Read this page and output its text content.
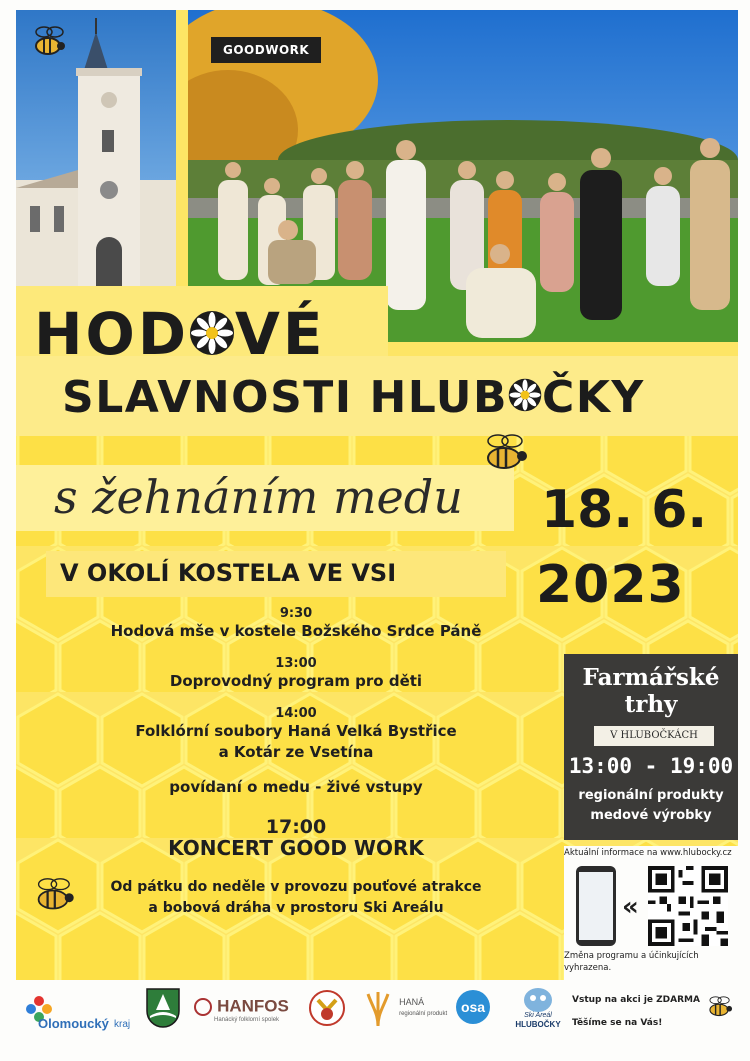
GOODWORK
HOD VÉ
SLAVNOSTI HLUB ČKY
s žehnáním medu 18. 6.
2023
V OKOLÍ KOSTELA VE VSI
9:30
Hodová mše v kostele Božského Srdce Páně
13:00
Doprovodný program pro děti
14:00
Folklórní soubory Haná Velká Bystřice
a Kotár ze Vsetína
povídaní o medu - živé vstupy
17:00
KONCERT GOOD WORK
Od pátku do neděle v provozu pouťové atrakce
a bobová dráha v prostoru Ski Areálu
Farmářské
trhy
V HLUBOČKÁCH
13:00 - 19:00
regionální produkty
medové výrobky
Aktuální informace na www.hlubocky.cz
«
Změna programu a účinkujících vyhrazena.
Olomoucký kraj
HANFOS
Hanácký folklorní spolek
HANÁ
regionální produkt osa
Ski Areál
HLUBOČKY
Vstup na akci je ZDARMA
Těšíme se na Vás!
